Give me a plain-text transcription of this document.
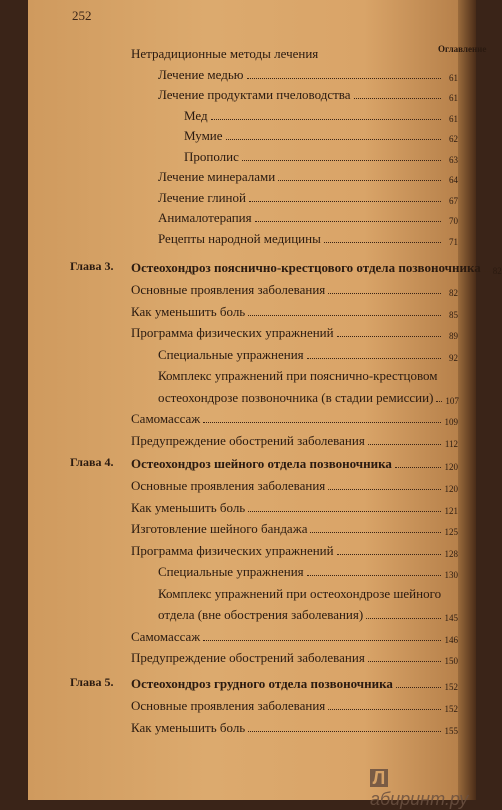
252
Оглавление
Нетрадиционные методы лечения
Лечение медью	61
Лечение продуктами пчеловодства	61
Мед	61
Мумие	62
Прополис	63
Лечение минералами	64
Лечение глиной	67
Анималотерапия	70
Рецепты народной медицины	71
Глава 3. Остеохондроз пояснично-крестцового отдела позвоночника 82
Основные проявления заболевания	82
Как уменьшить боль	85
Программа физических упражнений	89
Специальные упражнения	92
Комплекс упражнений при пояснично-крестцовом
остеохондрозе позвоночника (в стадии ремиссии) 107
Самомассаж	109
Предупреждение обострений заболевания	112
Глава 4. Остеохондроз шейного отдела позвоночника	120
Основные проявления заболевания	120
Как уменьшить боль	121
Изготовление шейного бандажа	125
Программа физических упражнений	128
Специальные упражнения	130
Комплекс упражнений при остеохондрозе шейного
отдела (вне обострения заболевания)	145
Самомассаж	146
Предупреждение обострений заболевания	150
Глава 5. Остеохондроз грудного отдела позвоночника	152
Основные проявления заболевания	152
Как уменьшить боль	155
Лабиринт.ру
